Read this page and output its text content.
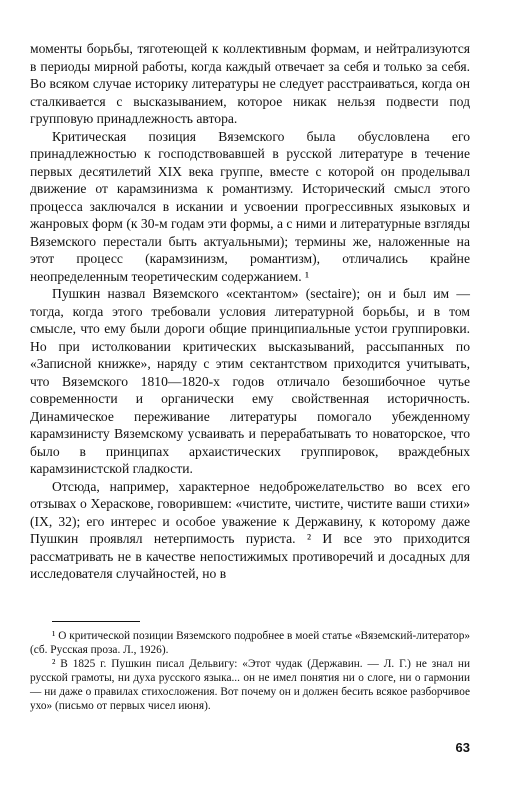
моменты борьбы, тяготеющей к коллективным формам, и нейтрализуются в периоды мирной работы, когда каждый отвечает за себя и только за себя. Во всяком случае историку литературы не следует расстраиваться, когда он сталкивается с высказыванием, которое никак нельзя подвести под групповую принадлежность автора.

Критическая позиция Вяземского была обусловлена его принадлежностью к господствовавшей в русской литературе в течение первых десятилетий XIX века группе, вместе с которой он проделывал движение от карамзинизма к романтизму. Исторический смысл этого процесса заключался в искании и усвоении прогрессивных языковых и жанровых форм (к 30-м годам эти формы, а с ними и литературные взгляды Вяземского перестали быть актуальными); термины же, наложенные на этот процесс (карамзинизм, романтизм), отличались крайне неопределенным теоретическим содержанием. ¹

Пушкин назвал Вяземского «сектантом» (sectaire); он и был им — тогда, когда этого требовали условия литературной борьбы, и в том смысле, что ему были дороги общие принципиальные устои группировки. Но при истолковании критических высказываний, рассыпанных по «Записной книжке», наряду с этим сектантством приходится учитывать, что Вяземского 1810—1820-х годов отличало безошибочное чутье современности и органически ему свойственная историчность. Динамическое переживание литературы помогало убежденному карамзинисту Вяземскому усваивать и перерабатывать то новаторское, что было в принципах архаистических группировок, враждебных карамзинистской гладкости.

Отсюда, например, характерное недоброжелательство во всех его отзывах о Хераскове, говорившем: «чистите, чистите, чистите ваши стихи» (IX, 32); его интерес и особое уважение к Державину, к которому даже Пушкин проявлял нетерпимость пуриста. ² И все это приходится рассматривать не в качестве непостижимых противоречий и досадных для исследователя случайностей, но в

¹ О критической позиции Вяземского подробнее в моей статье «Вяземский-литератор» (сб. Русская проза. Л., 1926).

² В 1825 г. Пушкин писал Дельвигу: «Этот чудак (Державин. — Л. Г.) не знал ни русской грамоты, ни духа русского языка... он не имел понятия ни о слоге, ни о гармонии — ни даже о правилах стихосложения. Вот почему он и должен бесить всякое разборчивое ухо» (письмо от первых чисел июня).

63
